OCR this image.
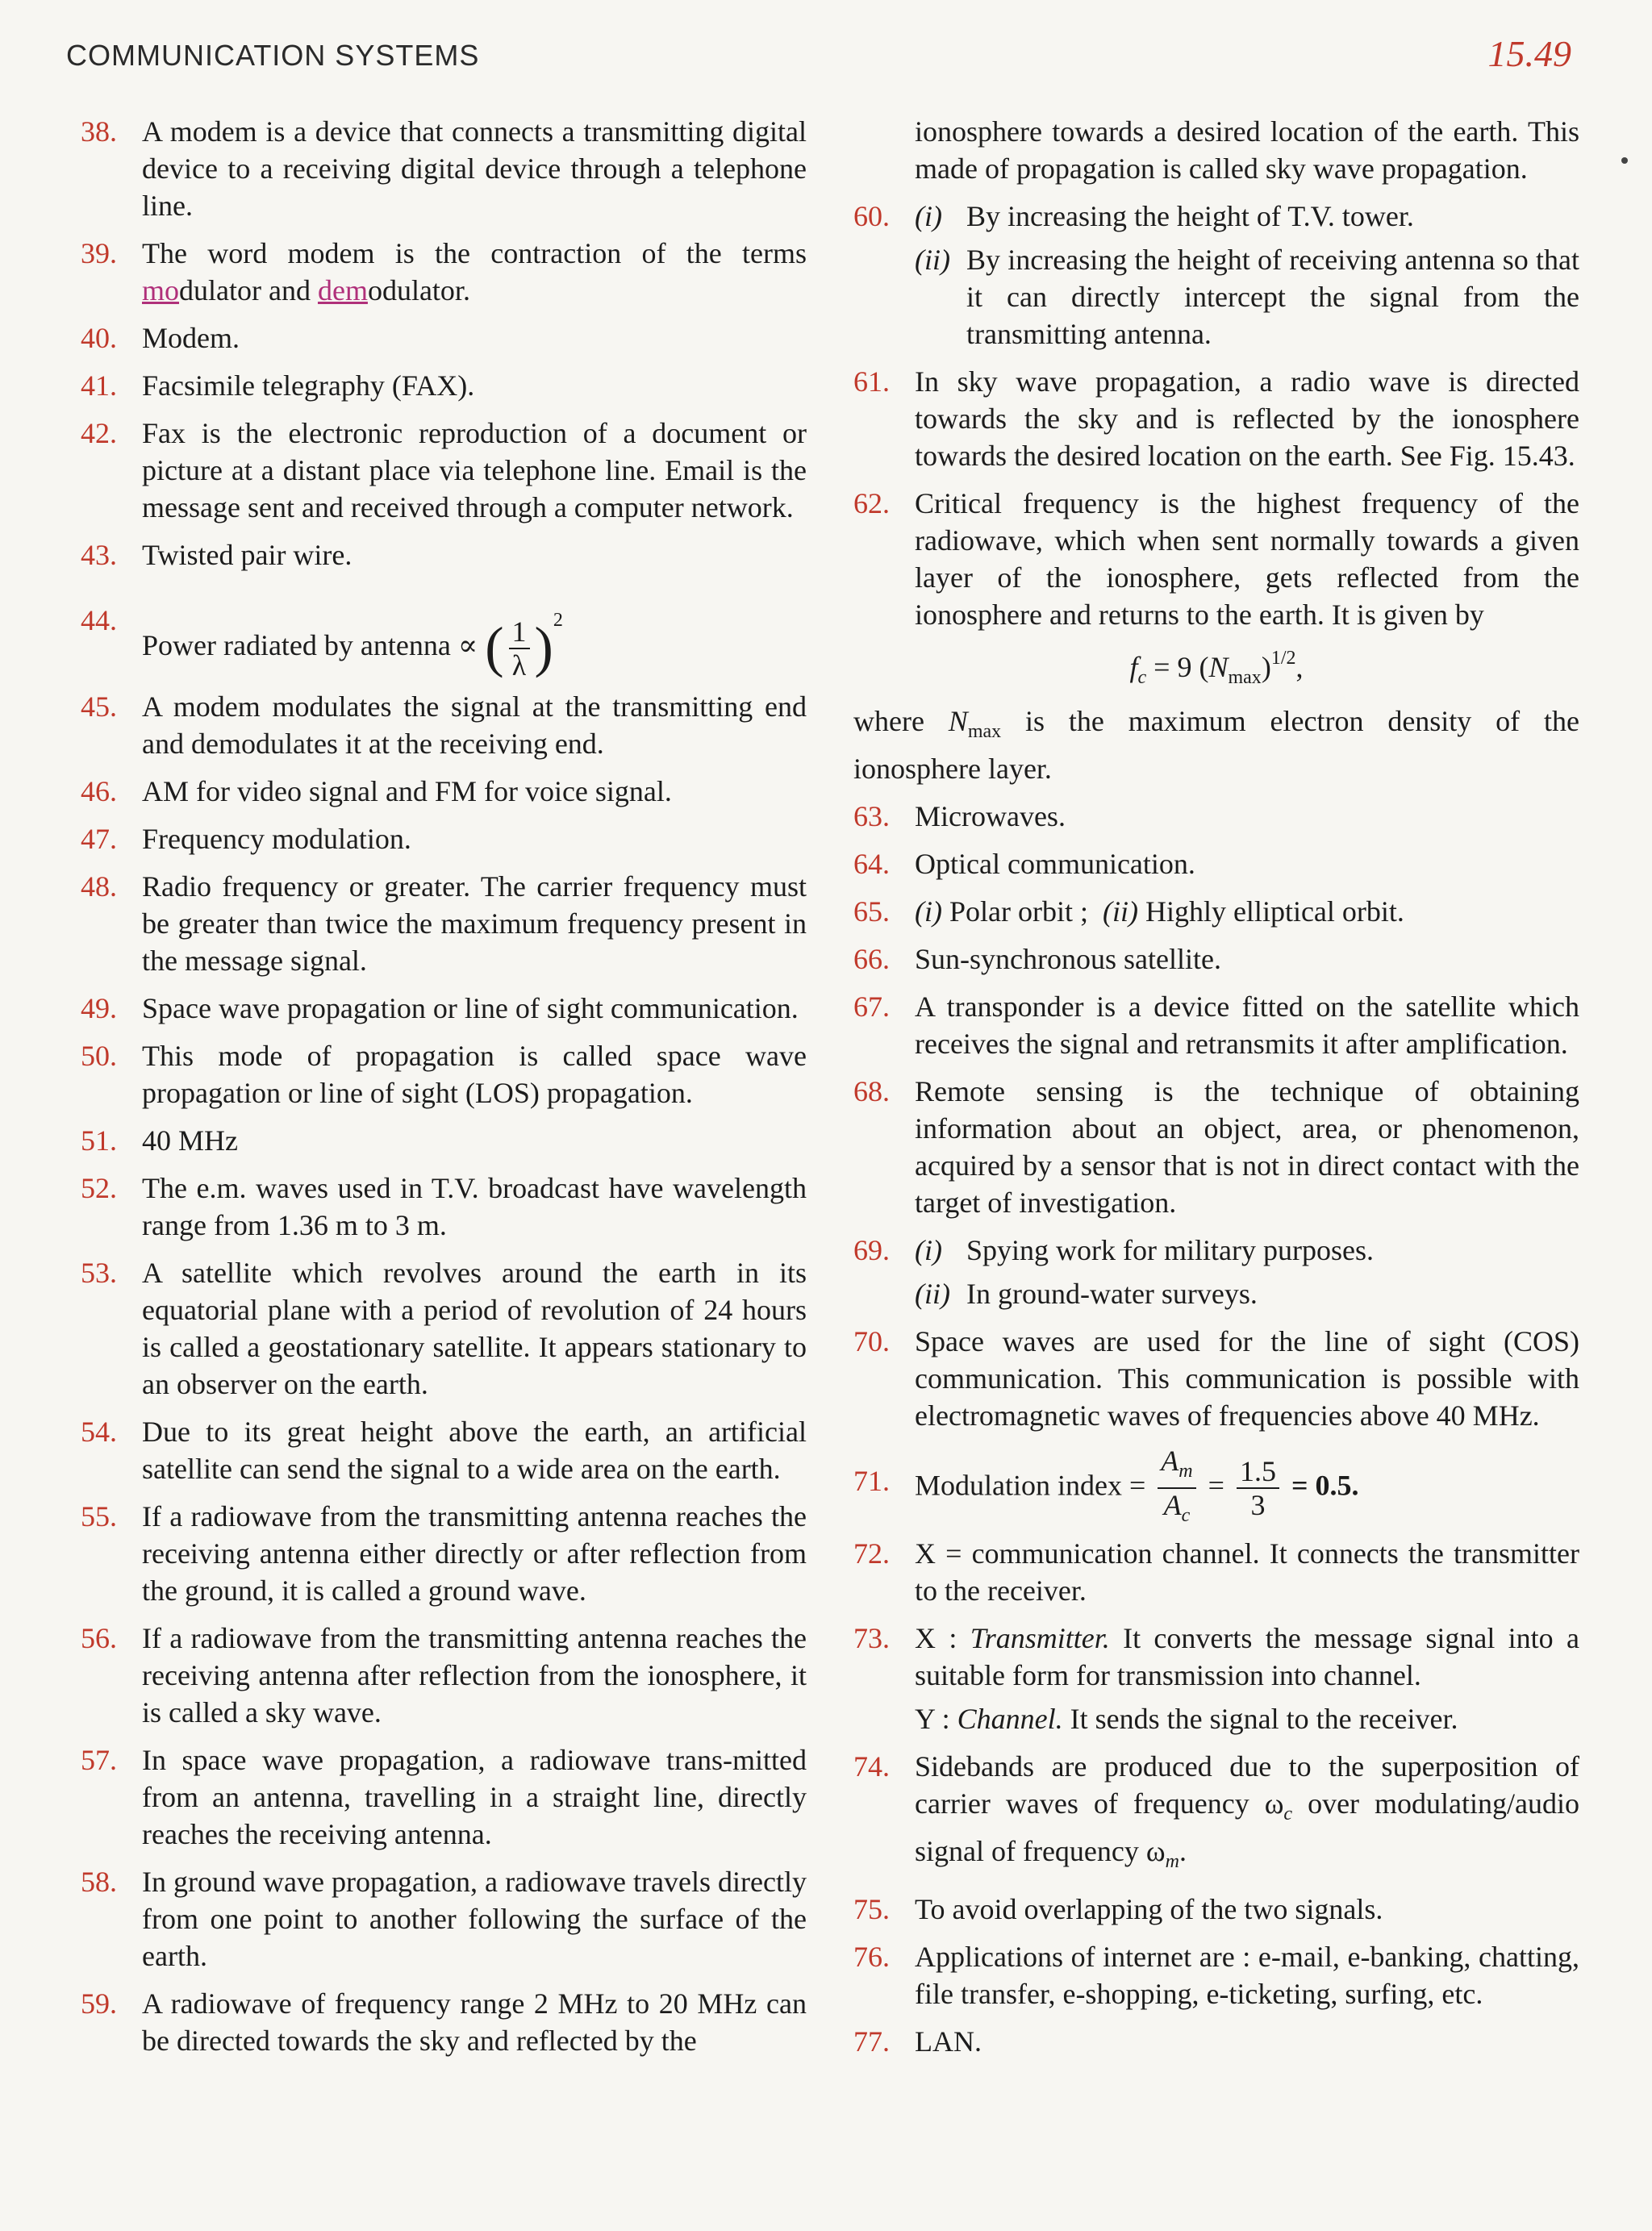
COMMUNICATION SYSTEMS	15.49
38. A modem is a device that connects a transmitting digital device to a receiving digital device through a telephone line.
39. The word modem is the contraction of the terms modulator and demodulator.
40. Modem.
41. Facsimile telegraphy (FAX).
42. Fax is the electronic reproduction of a document or picture at a distant place via telephone line. Email is the message sent and received through a computer network.
43. Twisted pair wire.
44.
Power radiated by antenna ∝ ( $\frac{1}{\lambda} )^2$
45. A modem modulates the signal at the transmitting end and demodulates it at the receiving end.
46. AM for video signal and FM for voice signal.
47. Frequency modulation.
48. Radio frequency or greater. The carrier frequency must be greater than twice the maximum frequency present in the message signal.
49. Space wave propagation or line of sight communication.
50. This mode of propagation is called space wave propagation or line of sight (LOS) propagation.
51. 40 MHz
52. The e.m. waves used in T.V. broadcast have wavelength range from 1.36 m to 3 m.
53. A satellite which revolves around the earth in its equatorial plane with a period of revolution of 24 hours is called a geostationary satellite. It appears stationary to an observer on the earth.
54. Due to its great height above the earth, an artificial satellite can send the signal to a wide area on the earth.
55. If a radiowave from the transmitting antenna reaches the receiving antenna either directly or after reflection from the ground, it is called a ground wave.
56. If a radiowave from the transmitting antenna reaches the receiving antenna after reflection from the ionosphere, it is called a sky wave.
57. In space wave propagation, a radiowave trans-mitted from an antenna, travelling in a straight line, directly reaches the receiving antenna.
58. In ground wave propagation, a radiowave travels directly from one point to another following the surface of the earth.
59. A radiowave of frequency range 2 MHz to 20 MHz can be directed towards the sky and reflected by the
ionosphere towards a desired location of the earth. This made of propagation is called sky wave propagation.
60. (i) By increasing the height of T.V. tower.
(ii) By increasing the height of receiving antenna so that it can directly intercept the signal from the transmitting antenna.
61. In sky wave propagation, a radio wave is directed towards the sky and is reflected by the ionosphere towards the desired location on the earth. See Fig. 15.43.
62. Critical frequency is the highest frequency of the radiowave, which when sent normally towards a given layer of the ionosphere, gets reflected from the ionosphere and returns to the earth. It is given by
$f_c = 9$ $(N_{max})^{1/2}$,
where $N_{max}$ is the maximum electron density of the ionosphere layer.
63. Microwaves.
64. Optical communication.
65. (i) Polar orbit ; (ii) Highly elliptical orbit.
66. Sun-synchronous satellite.
67. A transponder is a device fitted on the satellite which receives the signal and retransmits it after amplification.
68. Remote sensing is the technique of obtaining information about an object, area, or phenomenon, acquired by a sensor that is not in direct contact with the target of investigation.
69. (i) Spying work for military purposes.
(ii) In ground-water surveys.
70. Space waves are used for the line of sight (COS) communication. This communication is possible with electromagnetic waves of frequencies above 40 MHz.
71. Modulation index = $\frac{A_m}{A_c} = \frac{1.5}{3} = 0.5$.
72. X = communication channel. It connects the transmitter to the receiver.
73. X : Transmitter. It converts the message signal into a suitable form for transmission into channel.
Y : Channel. It sends the signal to the receiver.
74. Sidebands are produced due to the superposition of carrier waves of frequency $\omega_c$ over modulating/audio signal of frequency $\omega_m$.
75. To avoid overlapping of the two signals.
76. Applications of internet are : e-mail, e-banking, chatting, file transfer, e-shopping, e-ticketing, surfing, etc.
77. LAN.
